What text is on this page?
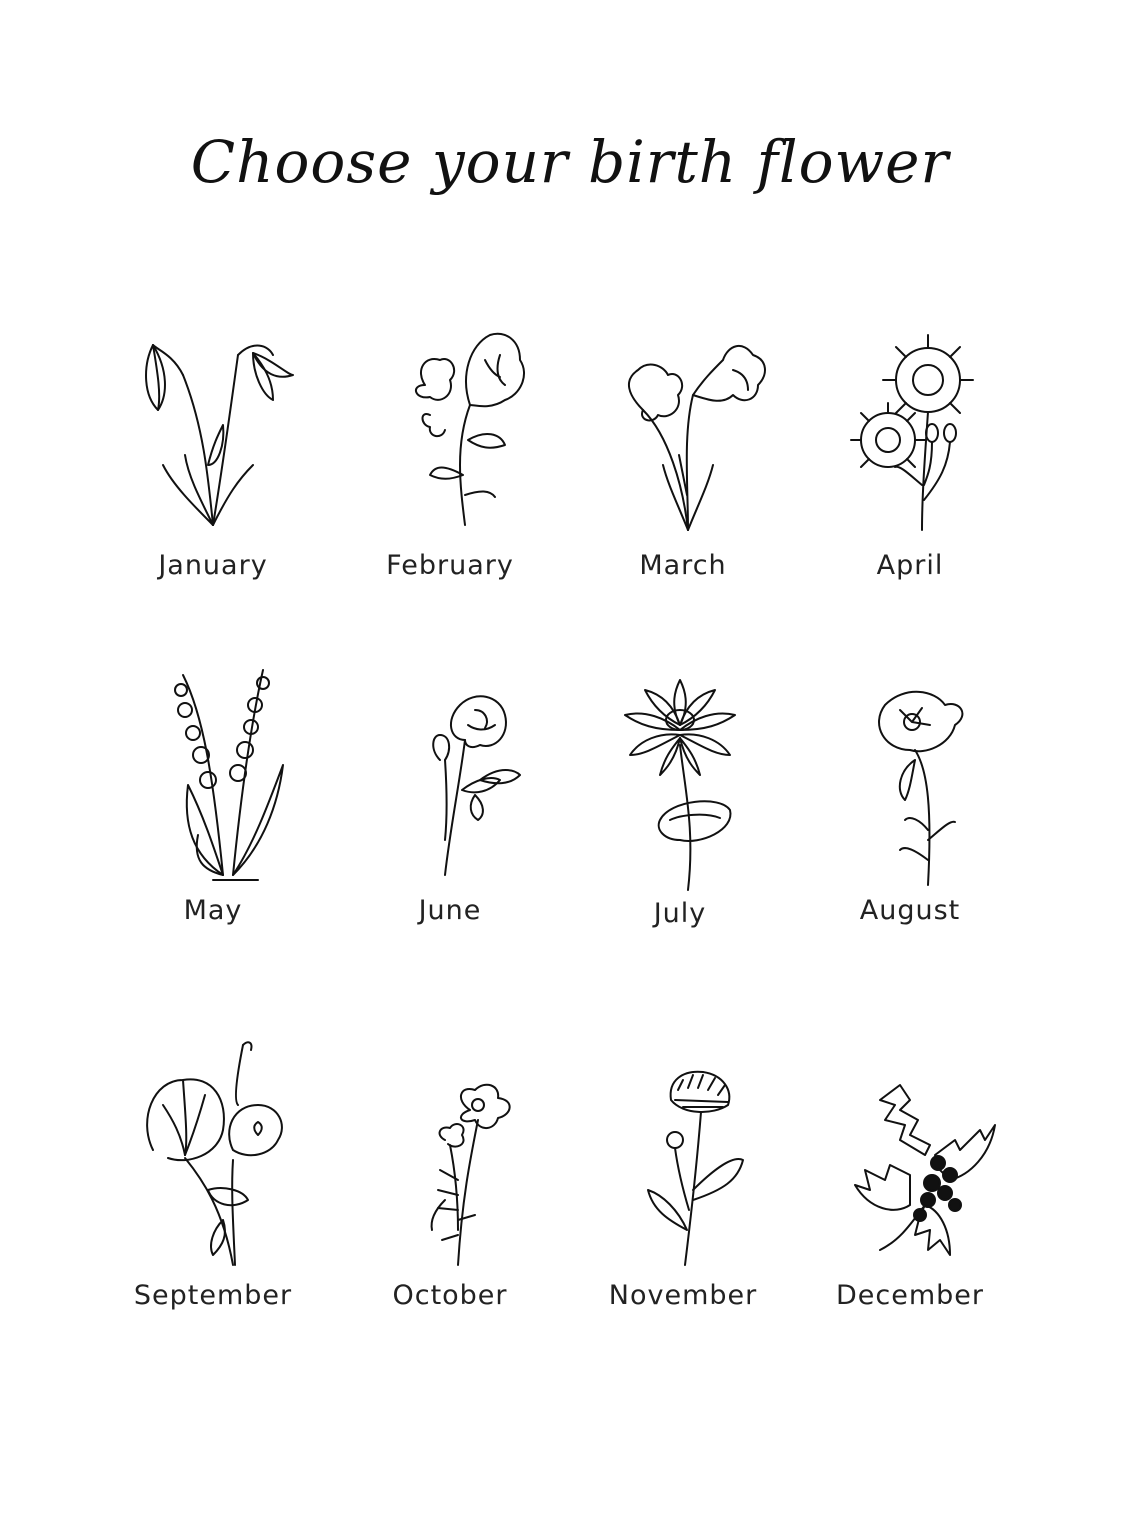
Choose your birth flower
January	February	March	April
May	June	July	August
September	October	November	December
